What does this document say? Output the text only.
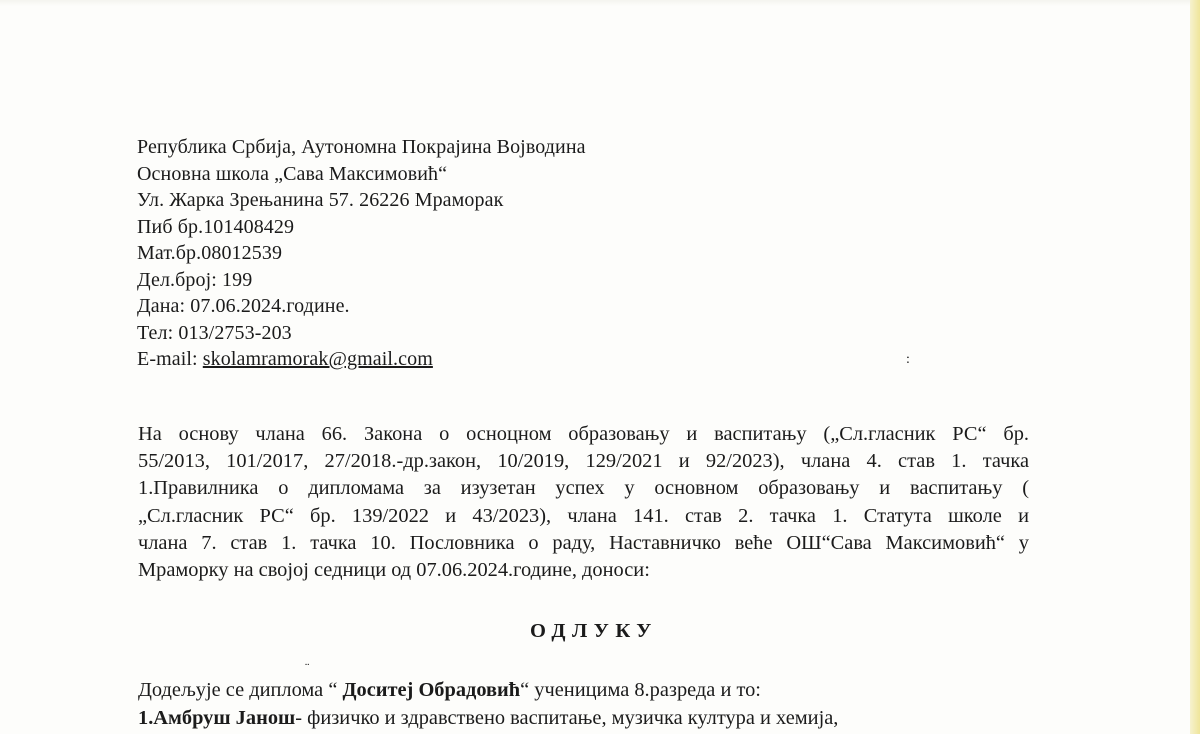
Република Србија, Аутономна Покрајина Војводина
Основна школа „Сава Максимовић“
Ул. Жарка Зрењанина 57. 26226 Мраморак
Пиб бр.101408429
Мат.бр.08012539
Дел.број: 199
Дана: 07.06.2024.године.
Тел: 013/2753-203
E-mail: skolamramorak@gmail.com	:
На основу члана 66. Закона о осноцном образовању и васпитању („Сл.гласник РС“ бр.
55/2013, 101/2017, 27/2018.-др.закон, 10/2019, 129/2021 и 92/2023), члана 4. став 1. тачка
1.Правилника о дипломама за изузетан успех у основном образовању и васпитању (
„Сл.гласник РС“ бр. 139/2022 и 43/2023), члана 141. став 2. тачка 1. Статута школе и
члана 7. став 1. тачка 10. Пословника о раду, Наставничко веће ОШ“Сава Максимовић“ у
Мраморку на својој седници од 07.06.2024.године, доноси:
ОДЛУКУ
¨
Додељује се диплома “ Доситеј Обрадовић“ ученицима 8.разреда и то:
1.Амбруш Јанош- физичко и здравствено васпитање, музичка култура и хемија,
